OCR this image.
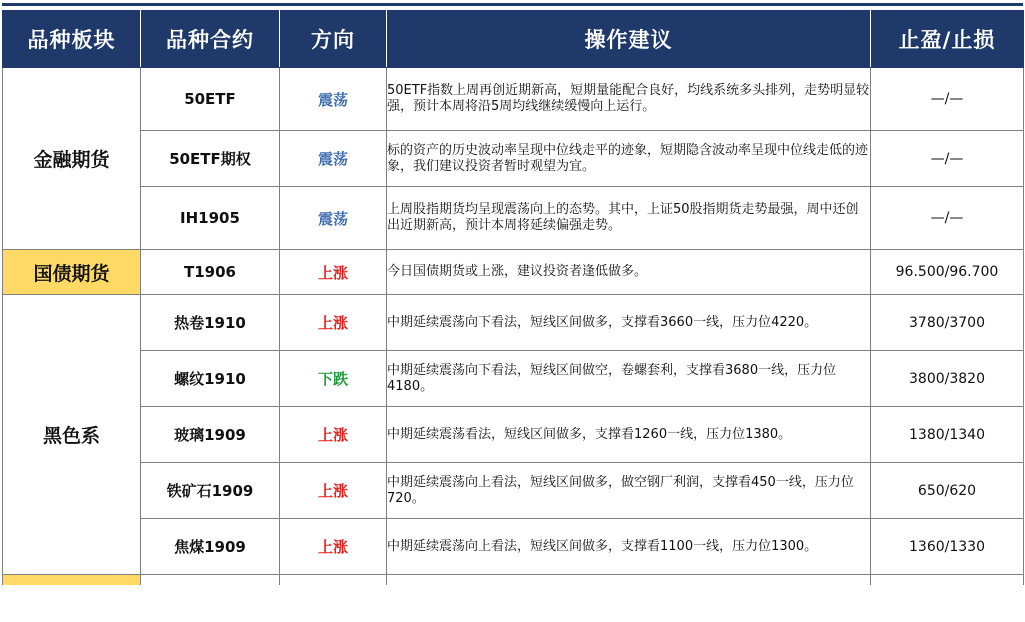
品种板块	品种合约	方向	操作建议	止盈/止损
金融期货	50ETF	震荡	50ETF指数上周再创近期新高，短期量能配合良好，均线系统多头排列，走势明显较强，预计本周将沿5周均线继续缓慢向上运行。	—/—
	50ETF期权	震荡	标的资产的历史波动率呈现中位线走平的迹象，短期隐含波动率呈现中位线走低的迹象，我们建议投资者暂时观望为宜。	—/—
	IH1905	震荡	上周股指期货均呈现震荡向上的态势。其中，上证50股指期货走势最强，周中还创出近期新高，预计本周将延续偏强走势。	—/—
国债期货	T1906	上涨	今日国债期货或上涨，建议投资者逢低做多。	96.500/96.700
黑色系	热卷1910	上涨	中期延续震荡向下看法，短线区间做多，支撑看3660一线，压力位4220。	3780/3700
	螺纹1910	下跌	中期延续震荡向下看法，短线区间做空，卷螺套利，支撑看3680一线，压力位4180。	3800/3820
	玻璃1909	上涨	中期延续震荡看法，短线区间做多，支撑看1260一线，压力位1380。	1380/1340
	铁矿石1909	上涨	中期延续震荡向上看法，短线区间做多，做空钢厂利润，支撑看450一线，压力位720。	650/620
	焦煤1909	上涨	中期延续震荡向上看法，短线区间做多，支撑看1100一线，压力位1300。	1360/1330
